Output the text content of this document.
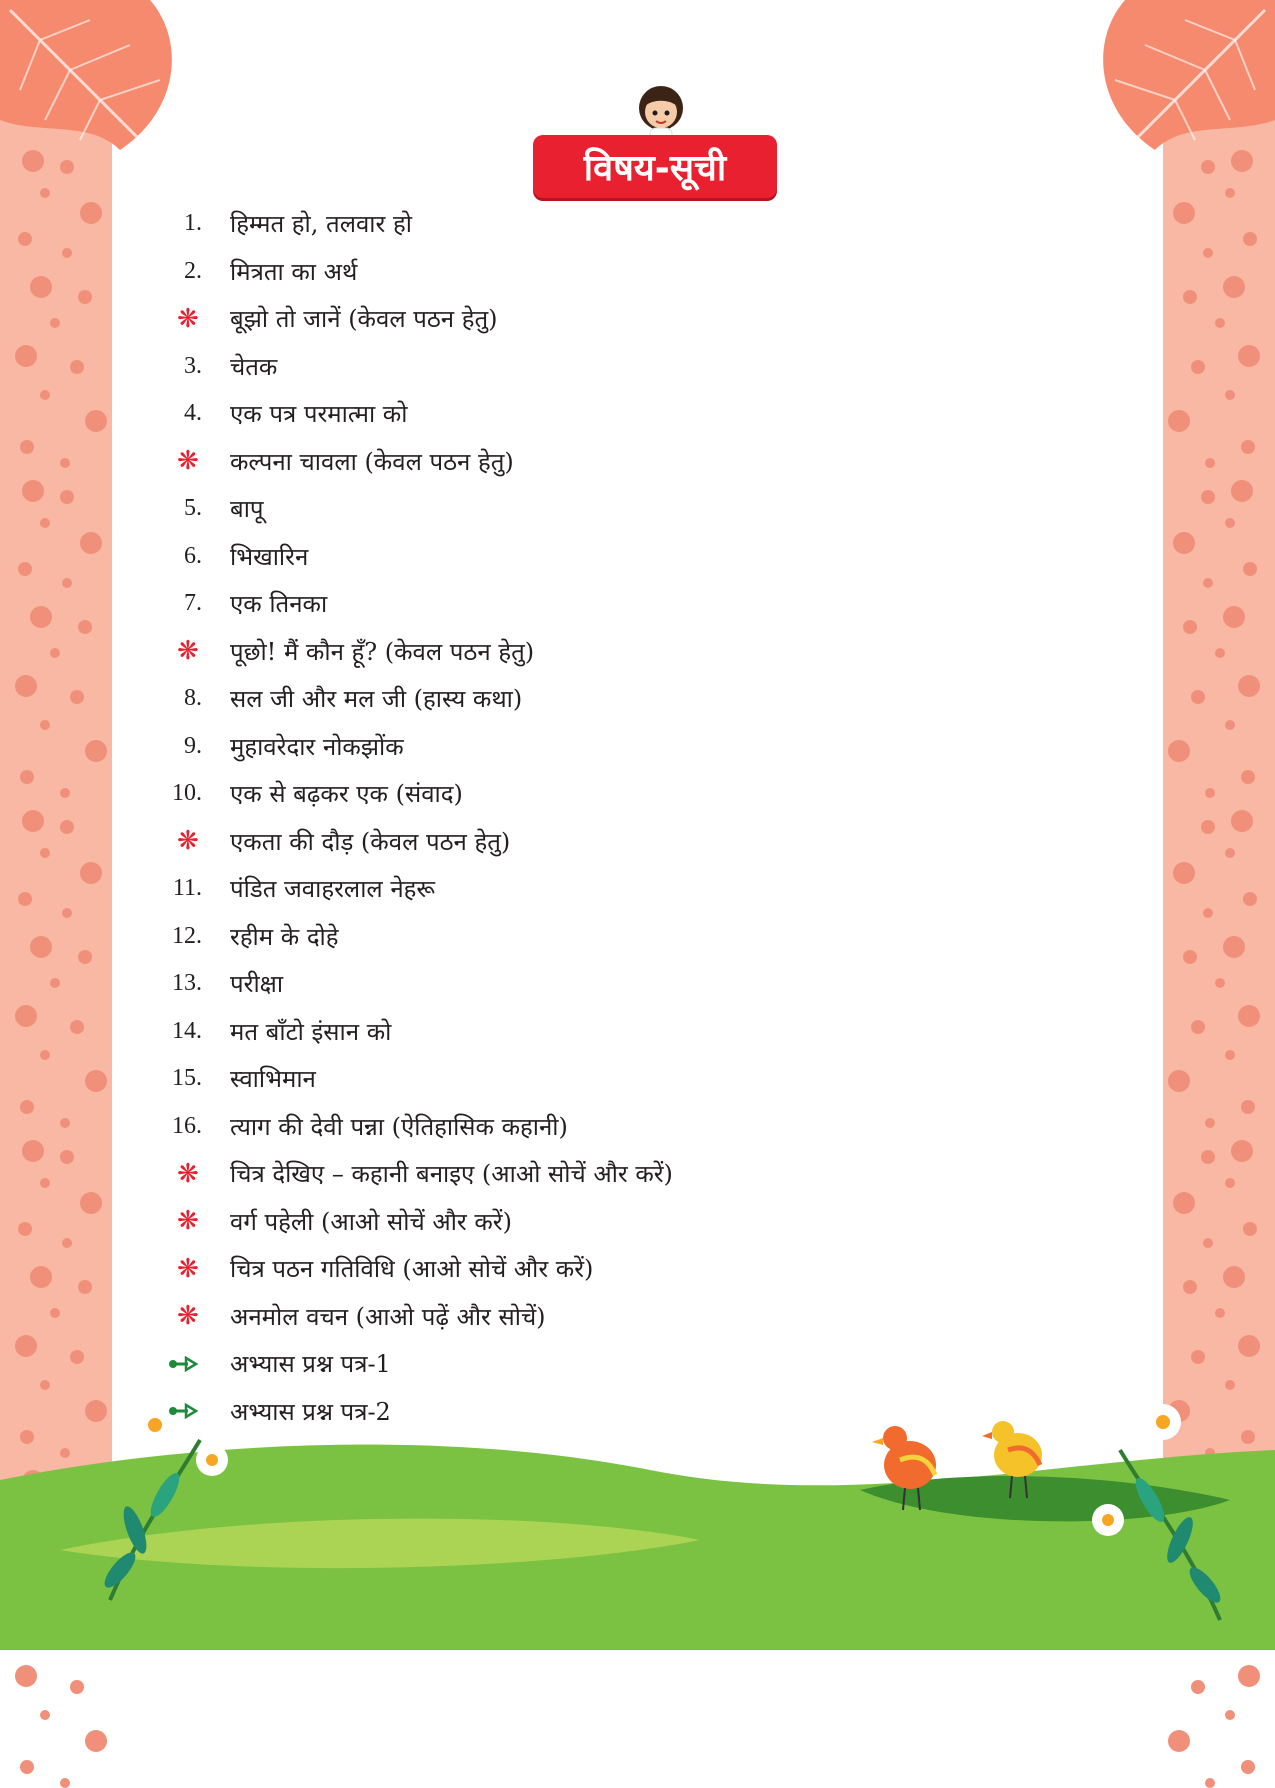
विषय-सूची
1.	हिम्मत हो, तलवार हो
2.	मित्रता का अर्थ
❋	बूझो तो जानें (केवल पठन हेतु)
3.	चेतक
4.	एक पत्र परमात्मा को
❋	कल्पना चावला (केवल पठन हेतु)
5.	बापू
6.	भिखारिन
7.	एक तिनका
❋	पूछो! मैं कौन हूँ? (केवल पठन हेतु)
8.	सल जी और मल जी (हास्य कथा)
9.	मुहावरेदार नोकझोंक
10.	एक से बढ़कर एक (संवाद)
❋	एकता की दौड़ (केवल पठन हेतु)
11.	पंडित जवाहरलाल नेहरू
12.	रहीम के दोहे
13.	परीक्षा
14.	मत बाँटो इंसान को
15.	स्वाभिमान
16.	त्याग की देवी पन्ना (ऐतिहासिक कहानी)
❋	चित्र देखिए – कहानी बनाइए (आओ सोचें और करें)
❋	वर्ग पहेली (आओ सोचें और करें)
❋	चित्र पठन गतिविधि (आओ सोचें और करें)
❋	अनमोल वचन (आओ पढ़ें और सोचें)
अभ्यास प्रश्न पत्र-1
अभ्यास प्रश्न पत्र-2
